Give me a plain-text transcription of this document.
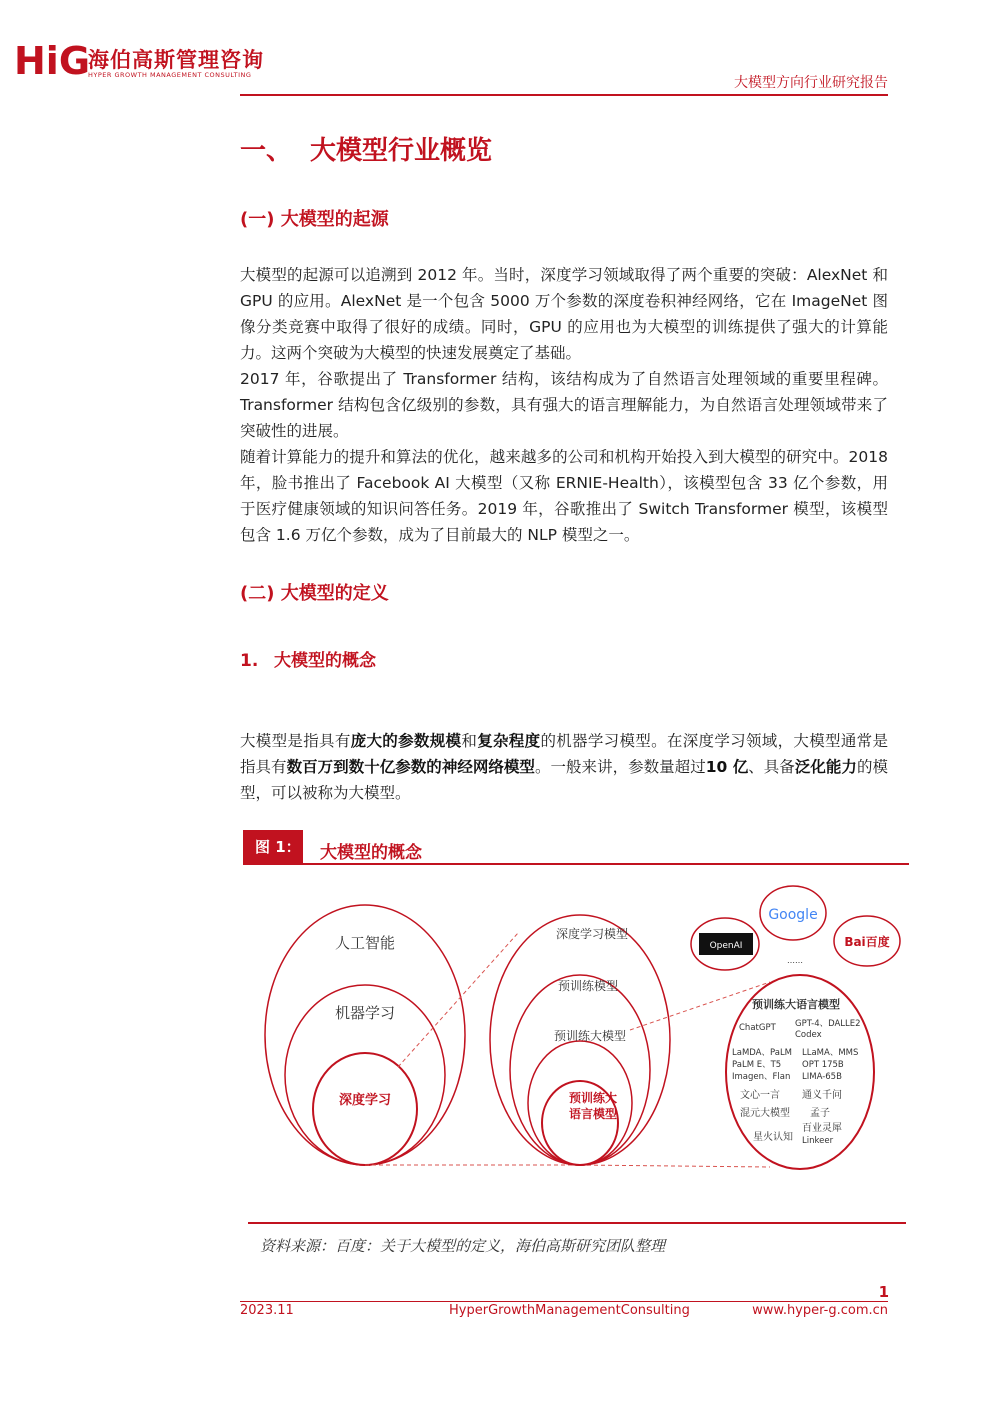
HiG
海伯高斯管理咨询
HYPER GROWTH MANAGEMENT CONSULTING	大模型方向行业研究报告
一、 大模型行业概览
(一) 大模型的起源

大模型的起源可以追溯到 2012 年。当时，深度学习领域取得了两个重要的突破：AlexNet 和 GPU 的应用。AlexNet 是一个包含 5000 万个参数的深度卷积神经网络，它在 ImageNet 图像分类竞赛中取得了很好的成绩。同时，GPU 的应用也为大模型的训练提供了强大的计算能力。这两个突破为大模型的快速发展奠定了基础。

2017 年，谷歌提出了 Transformer 结构，该结构成为了自然语言处理领域的重要里程碑。Transformer 结构包含亿级别的参数，具有强大的语言理解能力，为自然语言处理领域带来了突破性的进展。

随着计算能力的提升和算法的优化，越来越多的公司和机构开始投入到大模型的研究中。2018 年，脸书推出了 Facebook AI 大模型（又称 ERNIE-Health），该模型包含 33 亿个参数，用于医疗健康领域的知识问答任务。2019 年，谷歌推出了 Switch Transformer 模型，该模型包含 1.6 万亿个参数，成为了目前最大的 NLP 模型之一。

(二) 大模型的定义
1. 大模型的概念

大模型是指具有庞大的参数规模和复杂程度的机器学习模型。在深度学习领域，大模型通常是指具有数百万到数十亿参数的神经网络模型。一般来讲，参数量超过10 亿、具备泛化能力的模型，可以被称为大模型。

图 1： 大模型的概念
人工智能
机器学习
深度学习
深度学习模型
预训练模型
预训练大模型
预训练大
语言模型
Google
OpenAI	Bai百度
……
预训练大语言模型
ChatGPT GPT-4、DALLE2
Codex
LaMDA、PaLM
PaLM E、T5
Imagen、Flan
LLaMA、MMS
OPT 175B
LIMA-65B
文心一言 通义千问
混元大模型 孟子
星火认知
百业灵犀
Linkeer
资料来源：百度：关于大模型的定义，海伯高斯研究团队整理
1
2023.11	HyperGrowthManagementConsulting	www.hyper-g.com.cn
